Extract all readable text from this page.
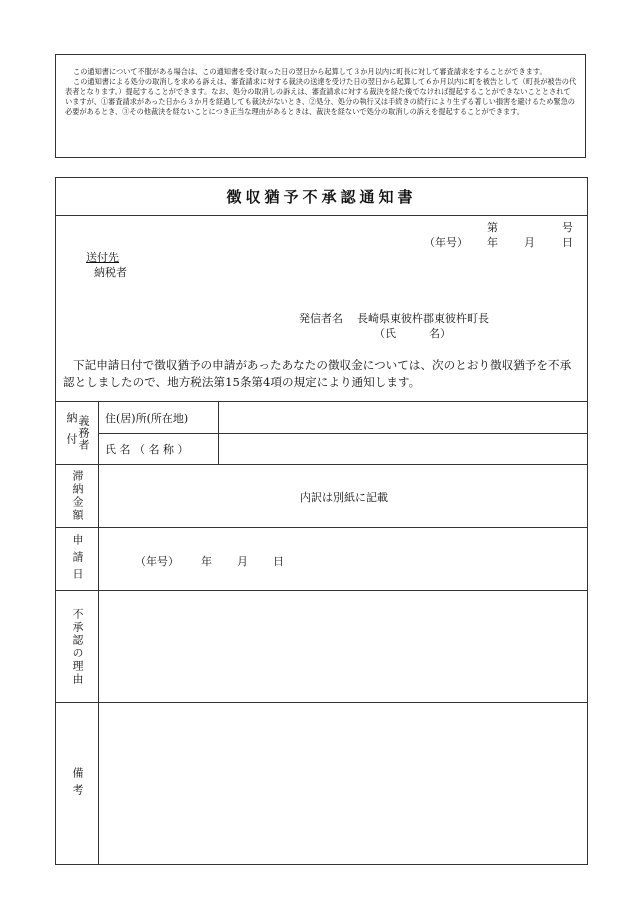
この通知書について不服がある場合は、この通知書を受け取った日の翌日から起算して３か月以内に町長に対して審査請求をすることができます。

この通知書による処分の取消しを求める訴えは、審査請求に対する裁決の送達を受けた日の翌日から起算して６か月以内に町を被告として（町長が被告の代表者となります。）提起することができます。なお、処分の取消しの訴えは、審査請求に対する裁決を経た後でなければ提起することができないこととされていますが、①審査請求があった日から３か月を経過しても裁決がないとき、②処分、処分の執行又は手続きの続行により生ずる著しい損害を避けるため緊急の必要があるとき、③その他裁決を経ないことにつき正当な理由があるときは、裁決を経ないで処分の取消しの訴えを提起することができます。

徴収猶予不承認通知書
第	号
（年号） 年 月 日
送付先
納税者
発信者名 長崎県東彼杵郡東彼杵町長
（氏　　　名）
下記申請日付で徴収猶予の申請があったあなたの徴収金については、次のとおり徴収猶予を不承
認としましたので、地方税法第15条第4項の規定により通知します。
納付 義務者 住(居)所(所在地)
氏 名 （ 名 称 ）
滞納金額	内訳は別紙に記載
申請日	（年号） 年 月 日
不承認の理由
備考
